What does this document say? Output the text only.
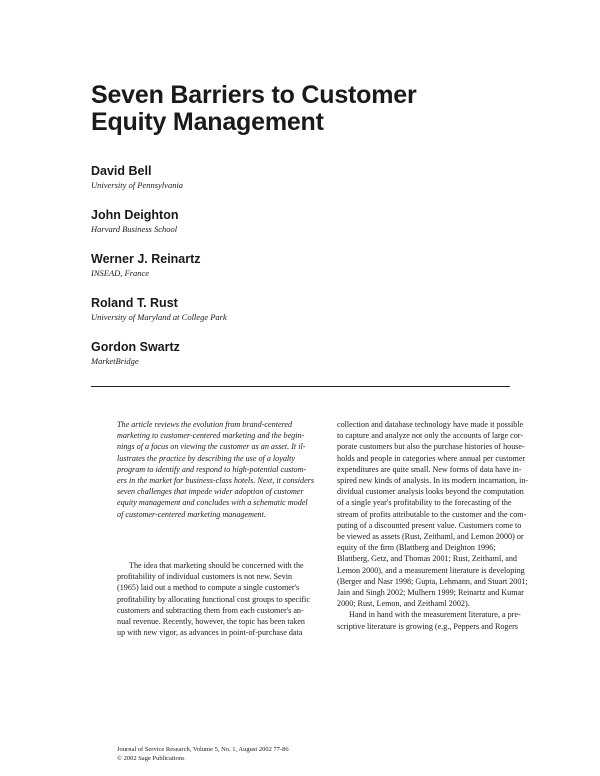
Seven Barriers to Customer
Equity Management
David Bell
University of Pennsylvania
John Deighton
Harvard Business School
Werner J. Reinartz
INSEAD, France
Roland T. Rust
University of Maryland at College Park
Gordon Swartz
MarketBridge
The article reviews the evolution from brand-centered
marketing to customer-centered marketing and the begin-
nings of a focus on viewing the customer as an asset. It il-
lustrates the practice by describing the use of a loyalty
program to identify and respond to high-potential custom-
ers in the market for business-class hotels. Next, it considers
seven challenges that impede wider adoption of customer
equity management and concludes with a schematic model
of customer-centered marketing management.

The idea that marketing should be concerned with the
profitability of individual customers is not new. Sevin
(1965) laid out a method to compute a single customer's
profitability by allocating functional cost groups to specific
customers and subtracting them from each customer's an-
nual revenue. Recently, however, the topic has been taken
up with new vigor, as advances in point-of-purchase data

collection and database technology have made it possible
to capture and analyze not only the accounts of large cor-
porate customers but also the purchase histories of house-
holds and people in categories where annual per customer
expenditures are quite small. New forms of data have in-
spired new kinds of analysis. In its modern incarnation, in-
dividual customer analysis looks beyond the computation
of a single year's profitability to the forecasting of the
stream of profits attributable to the customer and the com-
puting of a discounted present value. Customers come to
be viewed as assets (Rust, Zeithaml, and Lemon 2000) or
equity of the firm (Blattberg and Deighton 1996;
Blattberg, Getz, and Thomas 2001; Rust, Zeithaml, and
Lemon 2000), and a measurement literature is developing
(Berger and Nasr 1998; Gupta, Lehmann, and Stuart 2001;
Jain and Singh 2002; Mulhern 1999; Reinartz and Kumar
2000; Rust, Lemon, and Zeithaml 2002).

Hand in hand with the measurement literature, a pre-
scriptive literature is growing (e.g., Peppers and Rogers

Journal of Service Research, Volume 5, No. 1, August 2002 77-86
© 2002 Sage Publications
